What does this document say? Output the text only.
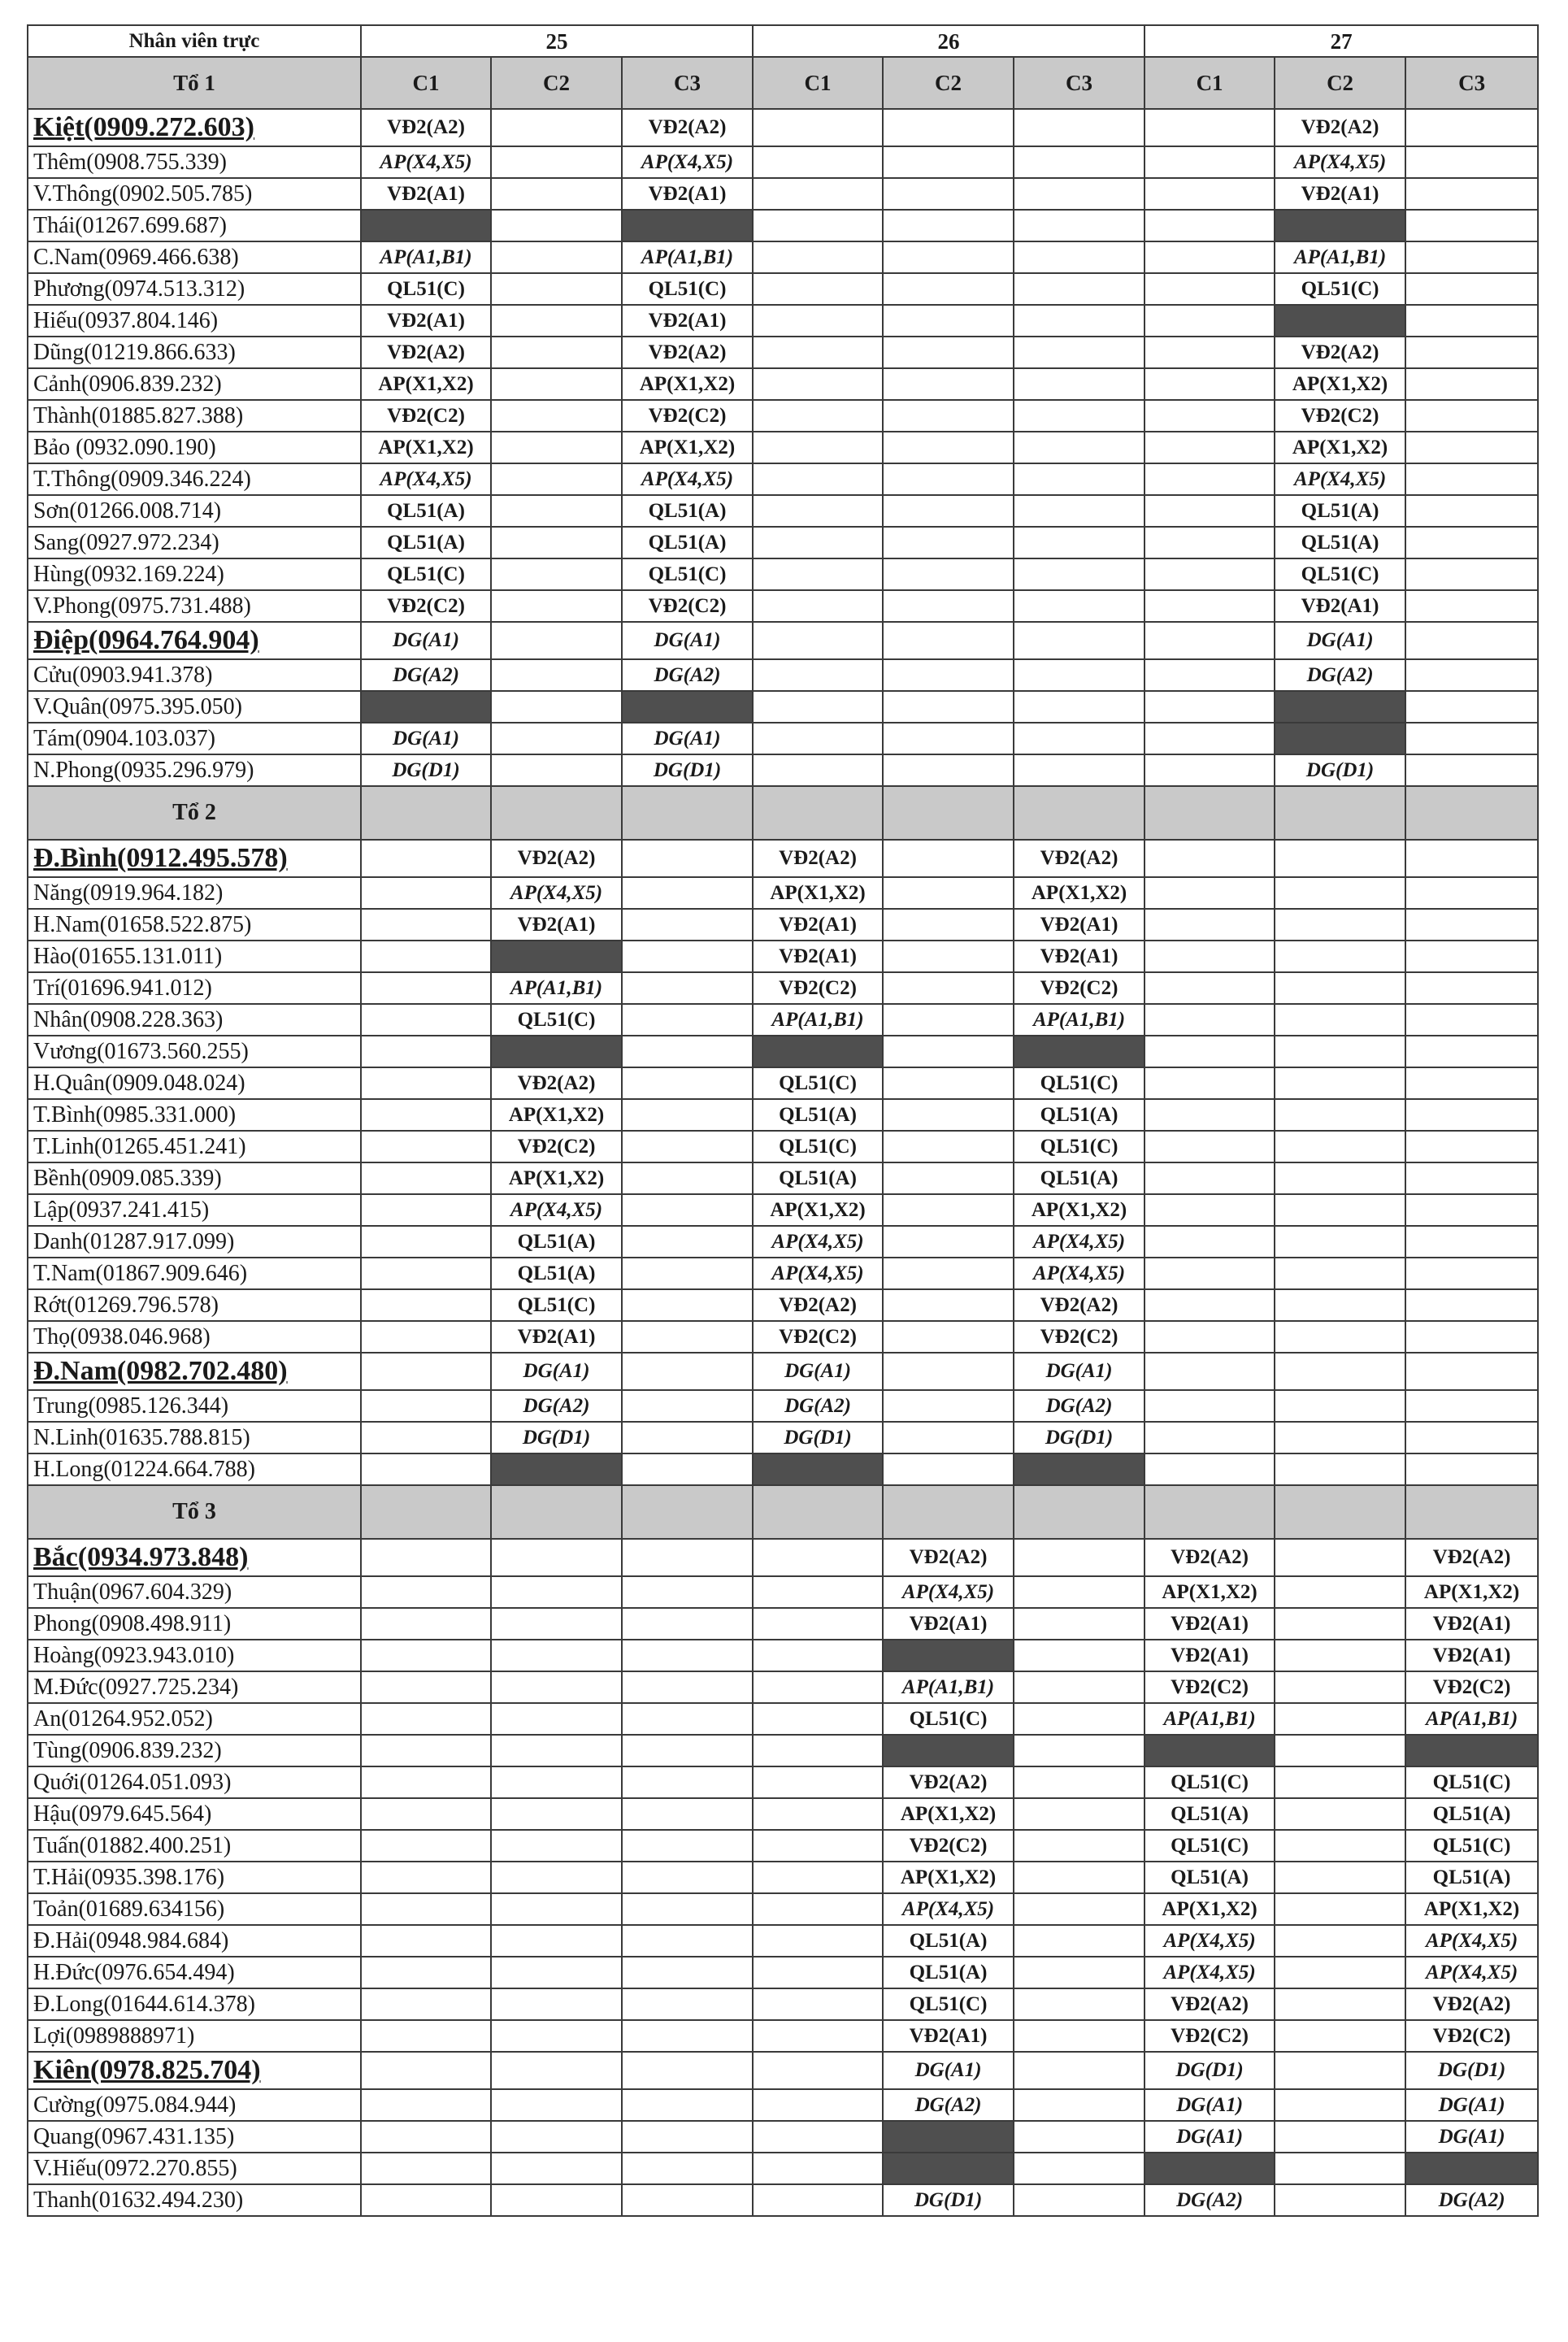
Nhân viên trực	25			26			27		
Tổ 1	C1	C2	C3	C1	C2	C3	C1	C2	C3
Kiệt(0909.272.603)	VĐ2(A2)		VĐ2(A2)					VĐ2(A2)	
Thêm(0908.755.339)	AP(X4,X5)		AP(X4,X5)					AP(X4,X5)	
V.Thông(0902.505.785)	VĐ2(A1)		VĐ2(A1)					VĐ2(A1)	
Thái(01267.699.687)									
C.Nam(0969.466.638)	AP(A1,B1)		AP(A1,B1)					AP(A1,B1)	
Phương(0974.513.312)	QL51(C)		QL51(C)					QL51(C)	
Hiếu(0937.804.146)	VĐ2(A1)		VĐ2(A1)						
Dũng(01219.866.633)	VĐ2(A2)		VĐ2(A2)					VĐ2(A2)	
Cảnh(0906.839.232)	AP(X1,X2)		AP(X1,X2)					AP(X1,X2)	
Thành(01885.827.388)	VĐ2(C2)		VĐ2(C2)					VĐ2(C2)	
Bảo (0932.090.190)	AP(X1,X2)		AP(X1,X2)					AP(X1,X2)	
T.Thông(0909.346.224)	AP(X4,X5)		AP(X4,X5)					AP(X4,X5)	
Sơn(01266.008.714)	QL51(A)		QL51(A)					QL51(A)	
Sang(0927.972.234)	QL51(A)		QL51(A)					QL51(A)	
Hùng(0932.169.224)	QL51(C)		QL51(C)					QL51(C)	
V.Phong(0975.731.488)	VĐ2(C2)		VĐ2(C2)					VĐ2(A1)	
Điệp(0964.764.904)	DG(A1)		DG(A1)					DG(A1)	
Cửu(0903.941.378)	DG(A2)		DG(A2)					DG(A2)	
V.Quân(0975.395.050)									
Tám(0904.103.037)	DG(A1)		DG(A1)						
N.Phong(0935.296.979)	DG(D1)		DG(D1)					DG(D1)	
Tổ 2									
Đ.Bình(0912.495.578)		VĐ2(A2)		VĐ2(A2)		VĐ2(A2)			
Năng(0919.964.182)		AP(X4,X5)		AP(X1,X2)		AP(X1,X2)			
H.Nam(01658.522.875)		VĐ2(A1)		VĐ2(A1)		VĐ2(A1)			
Hào(01655.131.011)				VĐ2(A1)		VĐ2(A1)			
Trí(01696.941.012)		AP(A1,B1)		VĐ2(C2)		VĐ2(C2)			
Nhân(0908.228.363)		QL51(C)		AP(A1,B1)		AP(A1,B1)			
Vương(01673.560.255)									
H.Quân(0909.048.024)		VĐ2(A2)		QL51(C)		QL51(C)			
T.Bình(0985.331.000)		AP(X1,X2)		QL51(A)		QL51(A)			
T.Linh(01265.451.241)		VĐ2(C2)		QL51(C)		QL51(C)			
Bềnh(0909.085.339)		AP(X1,X2)		QL51(A)		QL51(A)			
Lập(0937.241.415)		AP(X4,X5)		AP(X1,X2)		AP(X1,X2)			
Danh(01287.917.099)		QL51(A)		AP(X4,X5)		AP(X4,X5)			
T.Nam(01867.909.646)		QL51(A)		AP(X4,X5)		AP(X4,X5)			
Rớt(01269.796.578)		QL51(C)		VĐ2(A2)		VĐ2(A2)			
Thọ(0938.046.968)		VĐ2(A1)		VĐ2(C2)		VĐ2(C2)			
Đ.Nam(0982.702.480)		DG(A1)		DG(A1)		DG(A1)			
Trung(0985.126.344)		DG(A2)		DG(A2)		DG(A2)			
N.Linh(01635.788.815)		DG(D1)		DG(D1)		DG(D1)			
H.Long(01224.664.788)									
Tổ 3									
Bắc(0934.973.848)					VĐ2(A2)		VĐ2(A2)		VĐ2(A2)
Thuận(0967.604.329)					AP(X4,X5)		AP(X1,X2)		AP(X1,X2)
Phong(0908.498.911)					VĐ2(A1)		VĐ2(A1)		VĐ2(A1)
Hoàng(0923.943.010)							VĐ2(A1)		VĐ2(A1)
M.Đức(0927.725.234)					AP(A1,B1)		VĐ2(C2)		VĐ2(C2)
An(01264.952.052)					QL51(C)		AP(A1,B1)		AP(A1,B1)
Tùng(0906.839.232)									
Quới(01264.051.093)					VĐ2(A2)		QL51(C)		QL51(C)
Hậu(0979.645.564)					AP(X1,X2)		QL51(A)		QL51(A)
Tuấn(01882.400.251)					VĐ2(C2)		QL51(C)		QL51(C)
T.Hải(0935.398.176)					AP(X1,X2)		QL51(A)		QL51(A)
Toản(01689.634156)					AP(X4,X5)		AP(X1,X2)		AP(X1,X2)
Đ.Hải(0948.984.684)					QL51(A)		AP(X4,X5)		AP(X4,X5)
H.Đức(0976.654.494)					QL51(A)		AP(X4,X5)		AP(X4,X5)
Đ.Long(01644.614.378)					QL51(C)		VĐ2(A2)		VĐ2(A2)
Lợi(0989888971)					VĐ2(A1)		VĐ2(C2)		VĐ2(C2)
Kiên(0978.825.704)					DG(A1)		DG(D1)		DG(D1)
Cường(0975.084.944)					DG(A2)		DG(A1)		DG(A1)
Quang(0967.431.135)							DG(A1)		DG(A1)
V.Hiếu(0972.270.855)									
Thanh(01632.494.230)					DG(D1)		DG(A2)		DG(A2)
